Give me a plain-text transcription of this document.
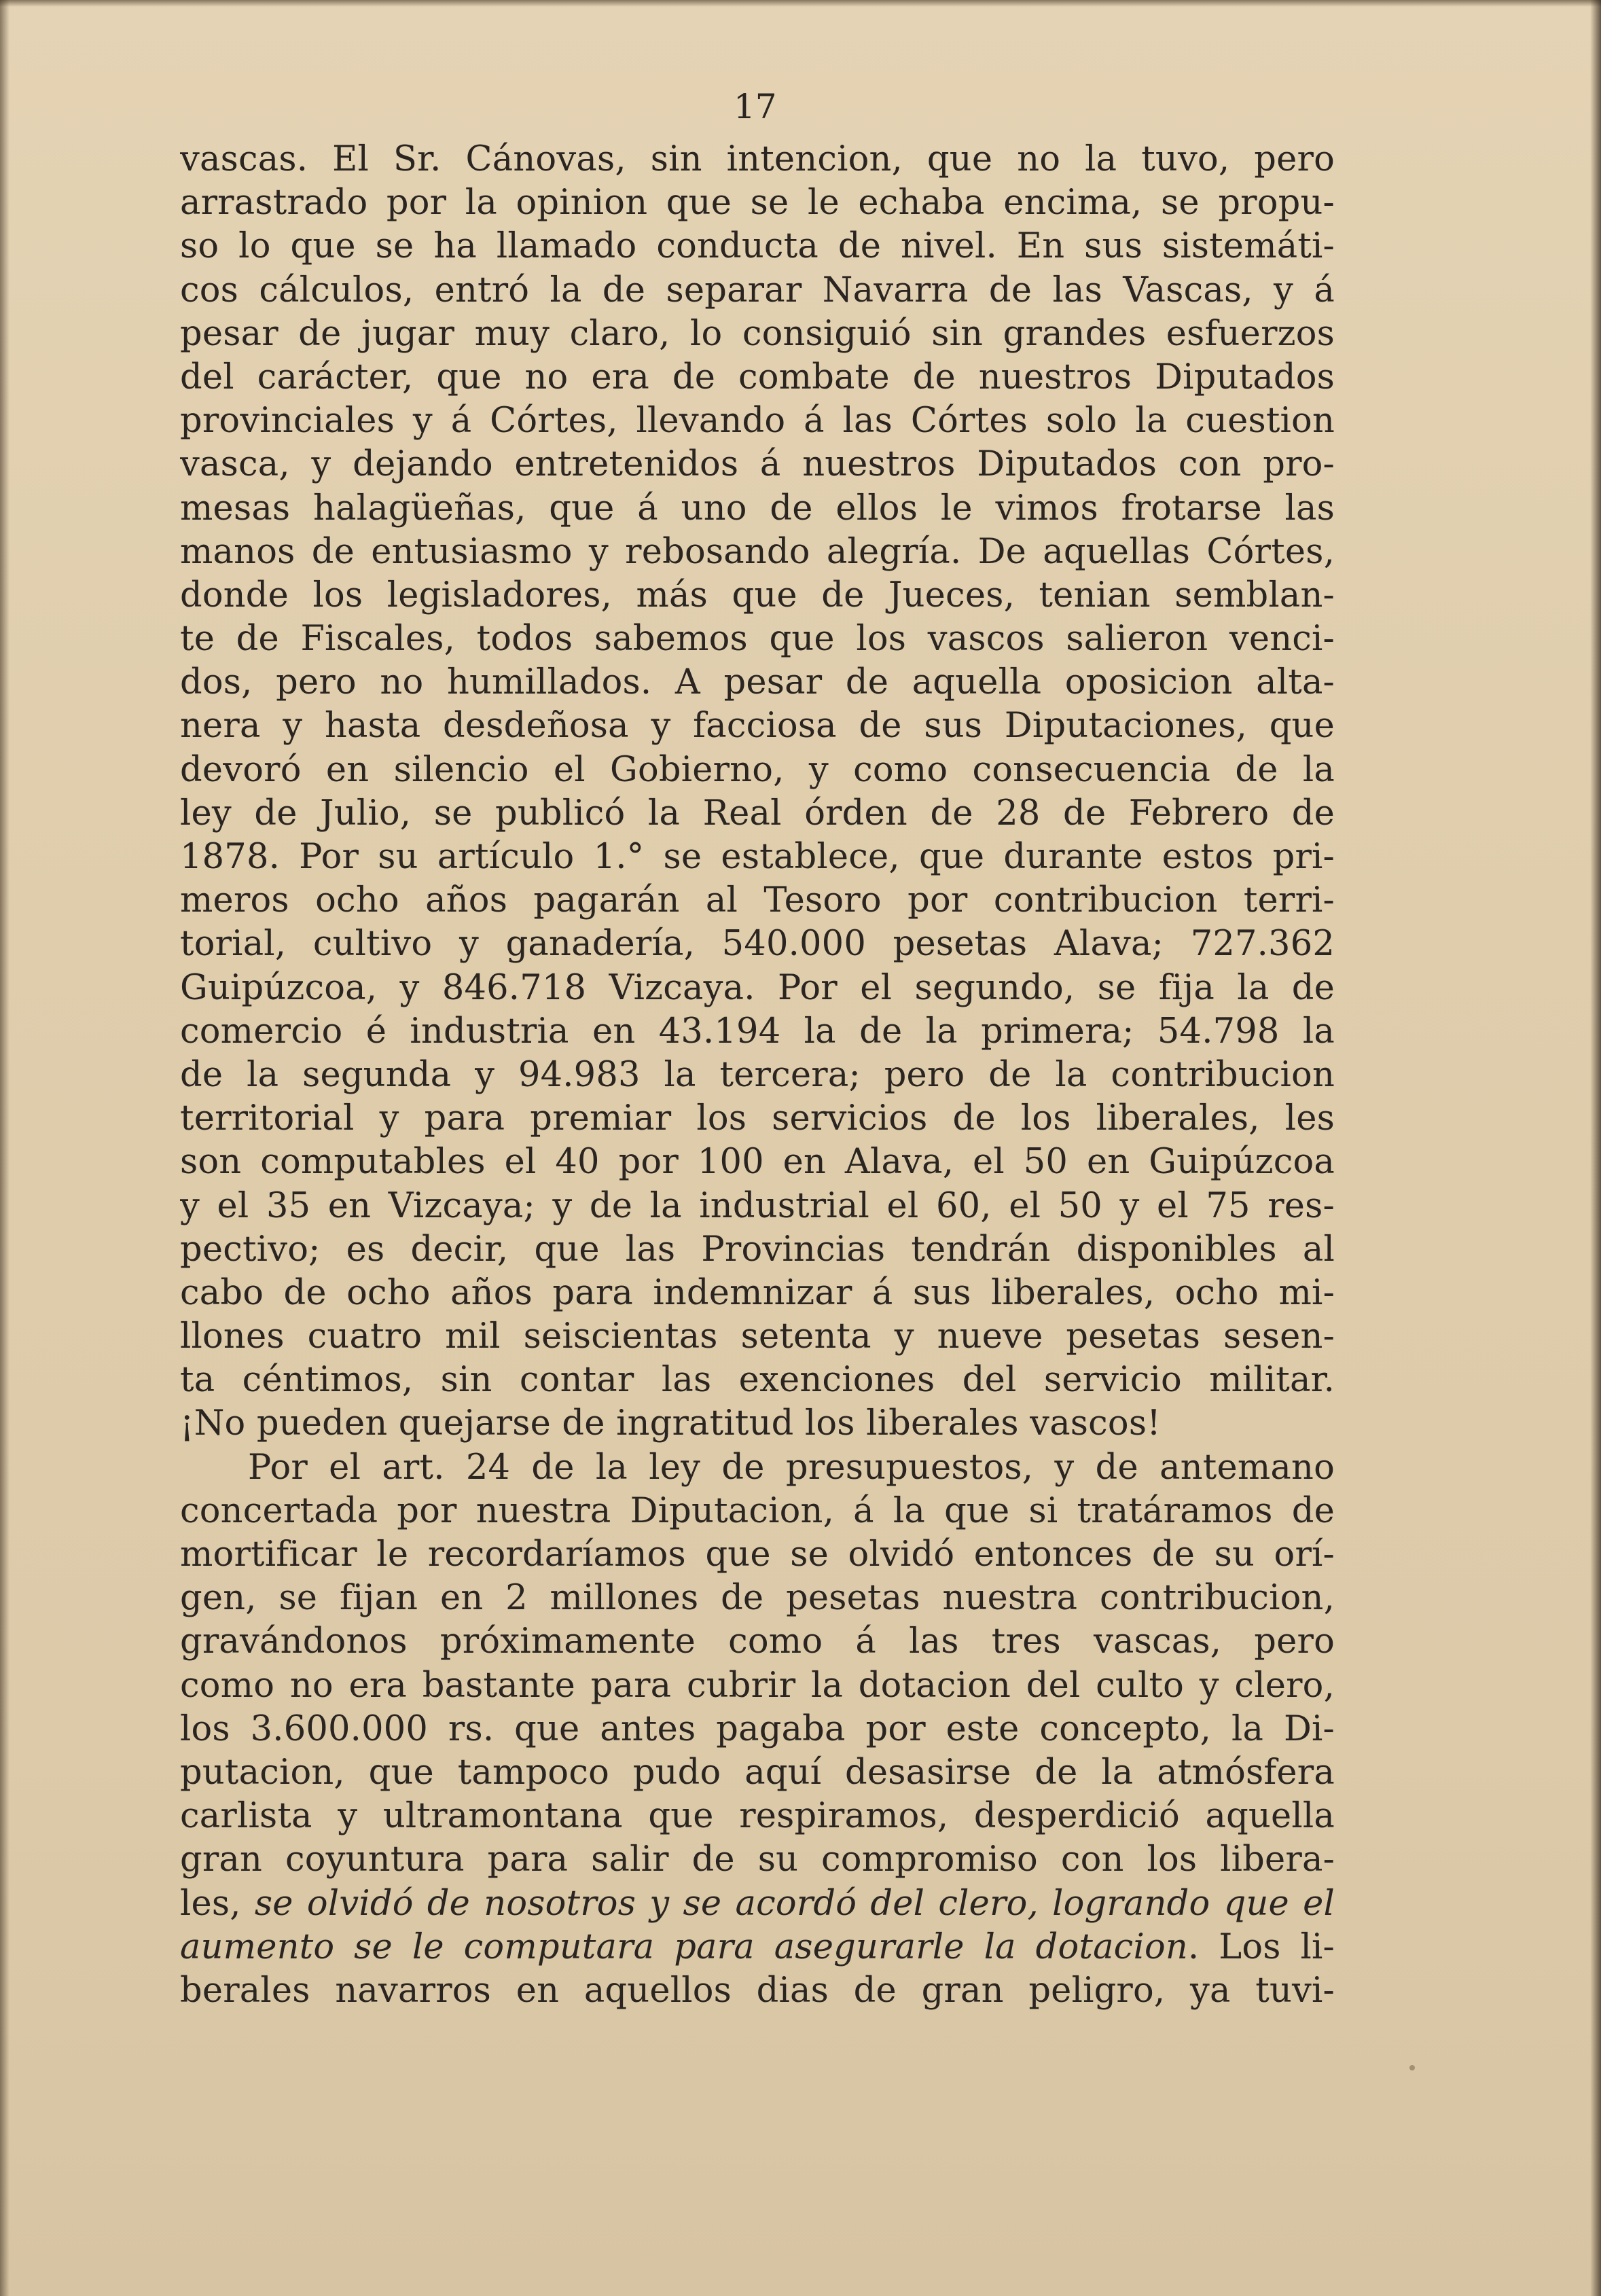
17
vascas. El Sr. Cánovas, sin intencion, que no la tuvo, pero
arrastrado por la opinion que se le echaba encima, se propu-
so lo que se ha llamado conducta de nivel. En sus sistemáti-
cos cálculos, entró la de separar Navarra de las Vascas, y á
pesar de jugar muy claro, lo consiguió sin grandes esfuerzos
del carácter, que no era de combate de nuestros Diputados
provinciales y á Córtes, llevando á las Córtes solo la cuestion
vasca, y dejando entretenidos á nuestros Diputados con pro-
mesas halagüeñas, que á uno de ellos le vimos frotarse las
manos de entusiasmo y rebosando alegría. De aquellas Córtes,
donde los legisladores, más que de Jueces, tenian semblan-
te de Fiscales, todos sabemos que los vascos salieron venci-
dos, pero no humillados. A pesar de aquella oposicion alta-
nera y hasta desdeñosa y facciosa de sus Diputaciones, que
devoró en silencio el Gobierno, y como consecuencia de la
ley de Julio, se publicó la Real órden de 28 de Febrero de
1878. Por su artículo 1.° se establece, que durante estos pri-
meros ocho años pagarán al Tesoro por contribucion terri-
torial, cultivo y ganadería, 540.000 pesetas Alava; 727.362
Guipúzcoa, y 846.718 Vizcaya. Por el segundo, se fija la de
comercio é industria en 43.194 la de la primera; 54.798 la
de la segunda y 94.983 la tercera; pero de la contribucion
territorial y para premiar los servicios de los liberales, les
son computables el 40 por 100 en Alava, el 50 en Guipúzcoa
y el 35 en Vizcaya; y de la industrial el 60, el 50 y el 75 res-
pectivo; es decir, que las Provincias tendrán disponibles al
cabo de ocho años para indemnizar á sus liberales, ocho mi-
llones cuatro mil seiscientas setenta y nueve pesetas sesen-
ta céntimos, sin contar las exenciones del servicio militar.
¡No pueden quejarse de ingratitud los liberales vascos!
Por el art. 24 de la ley de presupuestos, y de antemano
concertada por nuestra Diputacion, á la que si tratáramos de
mortificar le recordaríamos que se olvidó entonces de su orí-
gen, se fijan en 2 millones de pesetas nuestra contribucion,
gravándonos próximamente como á las tres vascas, pero
como no era bastante para cubrir la dotacion del culto y clero,
los 3.600.000 rs. que antes pagaba por este concepto, la Di-
putacion, que tampoco pudo aquí desasirse de la atmósfera
carlista y ultramontana que respiramos, desperdició aquella
gran coyuntura para salir de su compromiso con los libera-
les, se olvidó de nosotros y se acordó del clero, logrando que el
aumento se le computara para asegurarle la dotacion. Los li-
berales navarros en aquellos dias de gran peligro, ya tuvi-
